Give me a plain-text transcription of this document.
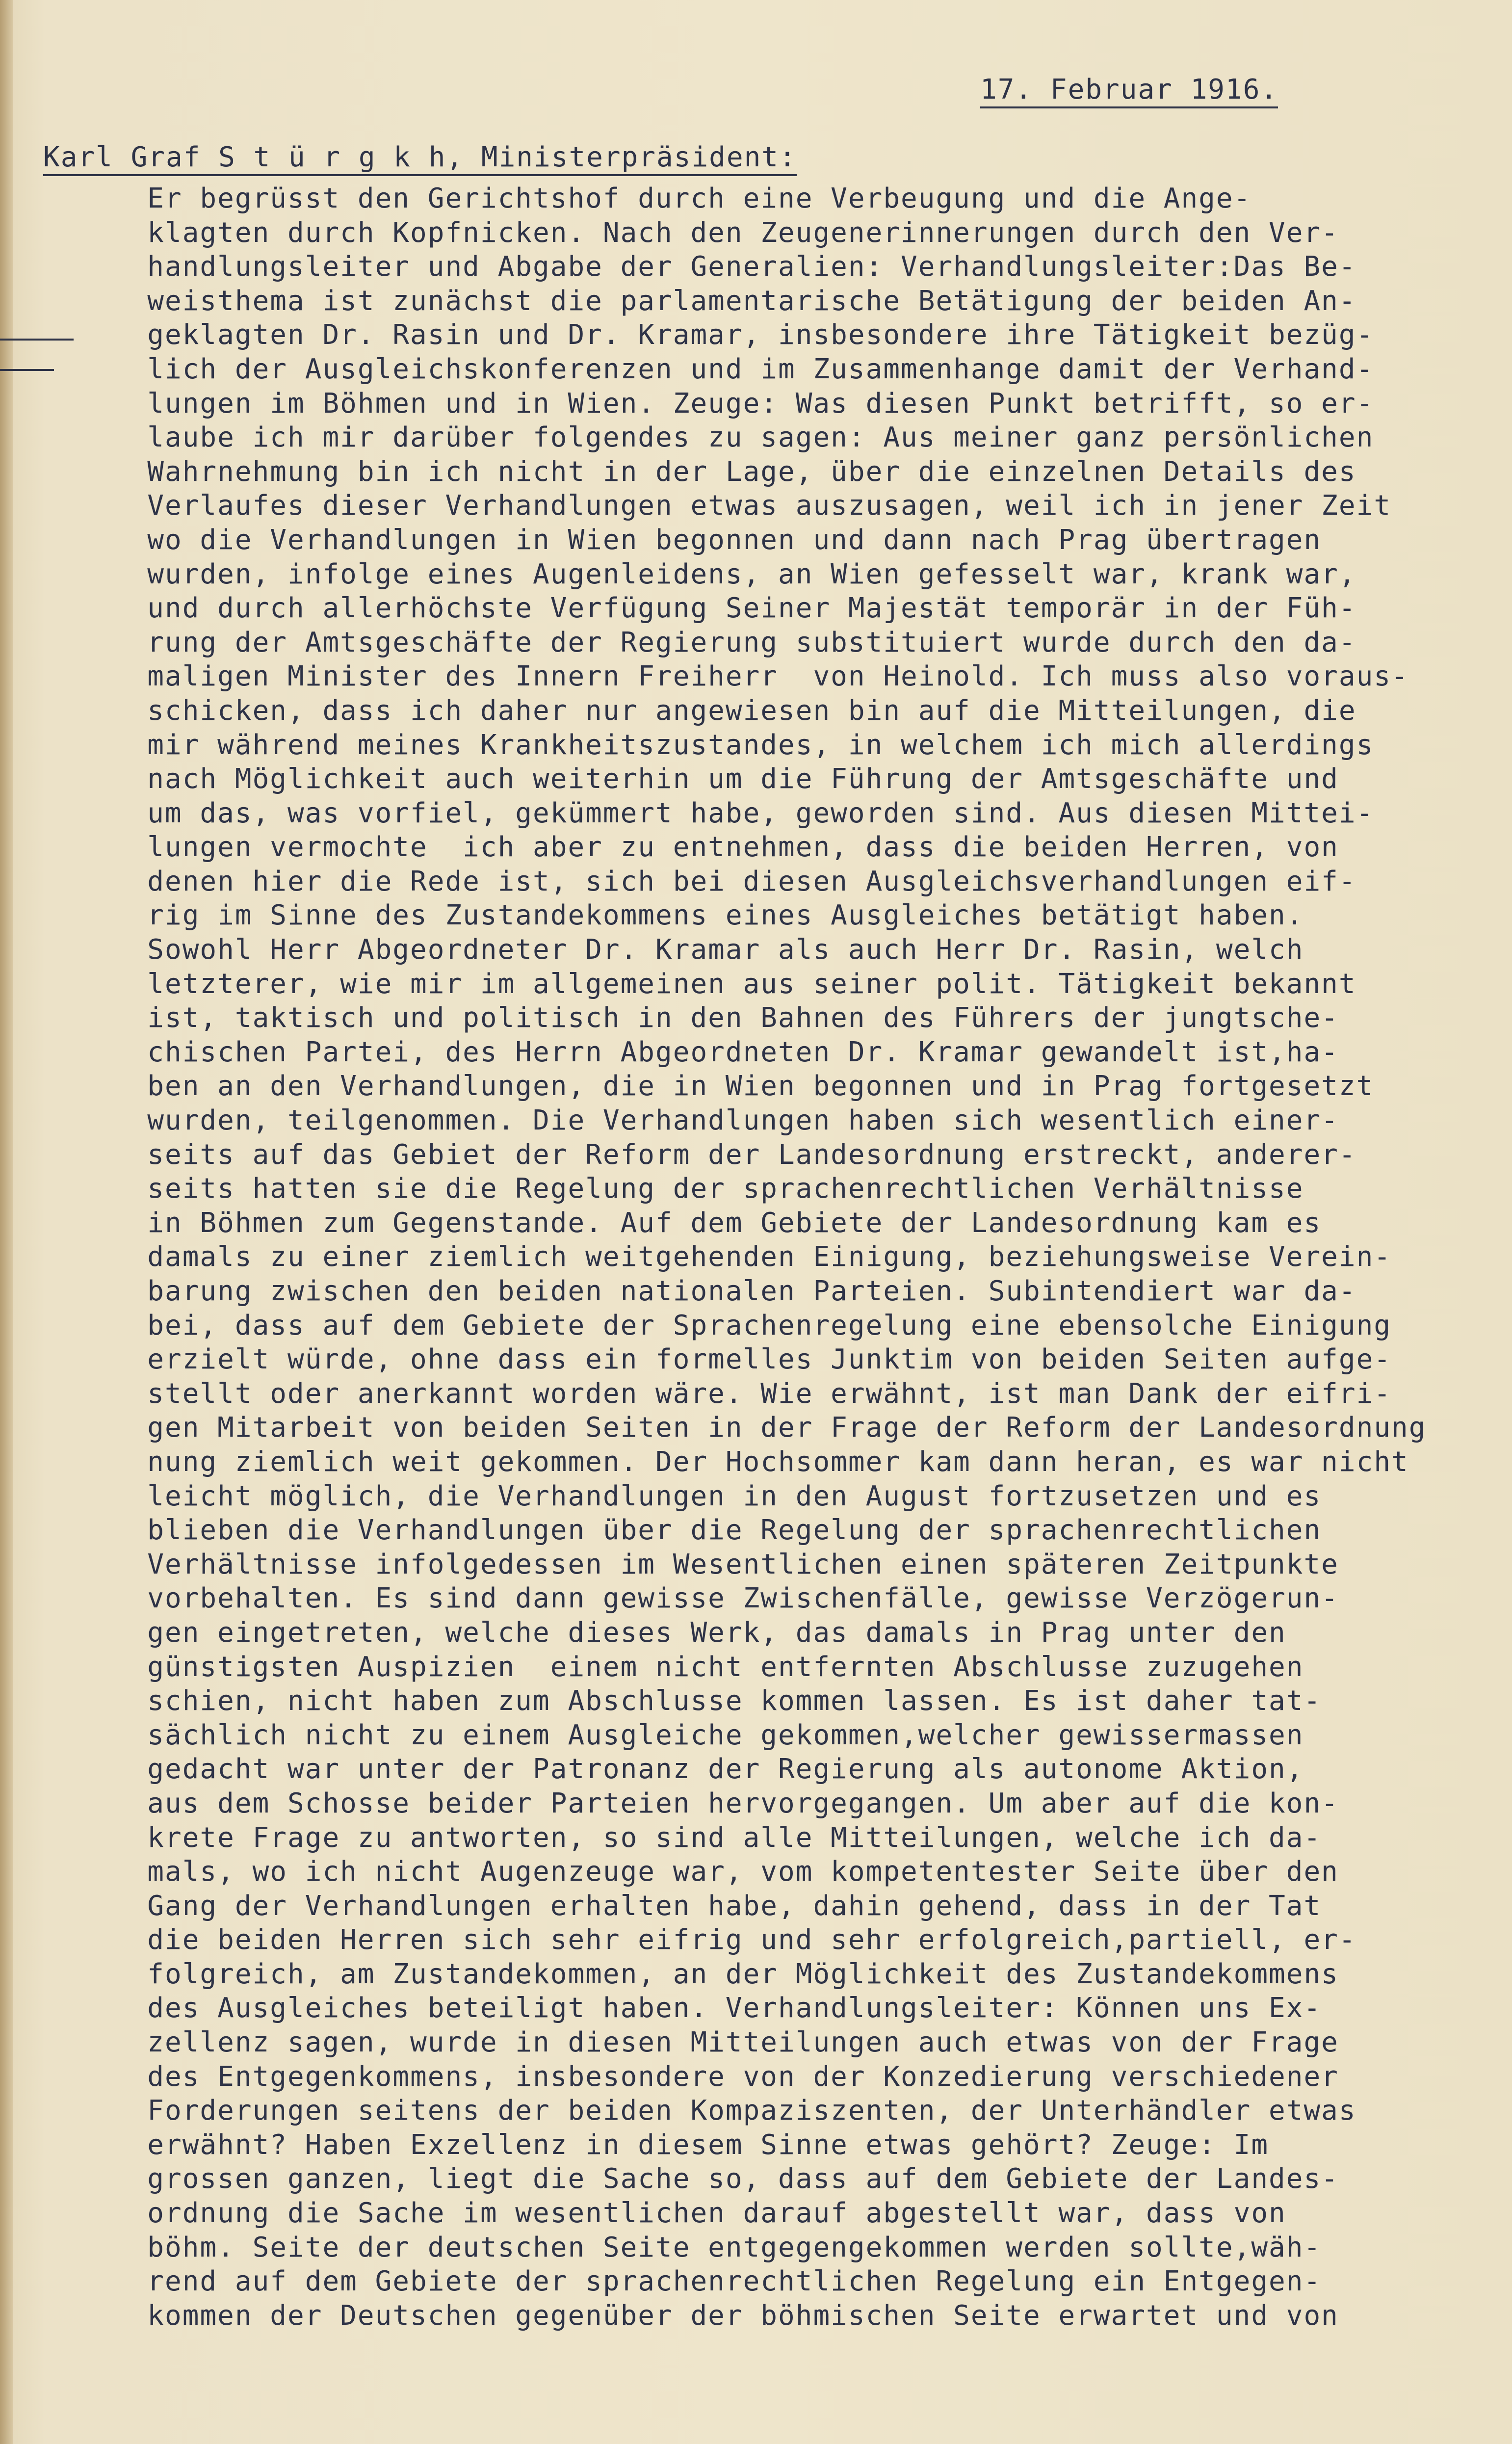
17. Februar 1916.
Karl Graf S t ü r g k h, Ministerpräsident:
Er begrüsst den Gerichtshof durch eine Verbeugung und die Ange-
klagten durch Kopfnicken. Nach den Zeugenerinnerungen durch den Ver-
handlungsleiter und Abgabe der Generalien: Verhandlungsleiter:Das Be-
weisthema ist zunächst die parlamentarische Betätigung der beiden An-
geklagten Dr. Rasin und Dr. Kramar, insbesondere ihre Tätigkeit bezüg-
lich der Ausgleichskonferenzen und im Zusammenhange damit der Verhand-
lungen im Böhmen und in Wien. Zeuge: Was diesen Punkt betrifft, so er-
laube ich mir darüber folgendes zu sagen: Aus meiner ganz persönlichen
Wahrnehmung bin ich nicht in der Lage, über die einzelnen Details des
Verlaufes dieser Verhandlungen etwas auszusagen, weil ich in jener Zeit
wo die Verhandlungen in Wien begonnen und dann nach Prag übertragen
wurden, infolge eines Augenleidens, an Wien gefesselt war, krank war,
und durch allerhöchste Verfügung Seiner Majestät temporär in der Füh-
rung der Amtsgeschäfte der Regierung substituiert wurde durch den da-
maligen Minister des Innern Freiherr  von Heinold. Ich muss also voraus-
schicken, dass ich daher nur angewiesen bin auf die Mitteilungen, die
mir während meines Krankheitszustandes, in welchem ich mich allerdings
nach Möglichkeit auch weiterhin um die Führung der Amtsgeschäfte und
um das, was vorfiel, gekümmert habe, geworden sind. Aus diesen Mittei-
lungen vermochte  ich aber zu entnehmen, dass die beiden Herren, von
denen hier die Rede ist, sich bei diesen Ausgleichsverhandlungen eif-
rig im Sinne des Zustandekommens eines Ausgleiches betätigt haben.
Sowohl Herr Abgeordneter Dr. Kramar als auch Herr Dr. Rasin, welch
letzterer, wie mir im allgemeinen aus seiner polit. Tätigkeit bekannt
ist, taktisch und politisch in den Bahnen des Führers der jungtsche-
chischen Partei, des Herrn Abgeordneten Dr. Kramar gewandelt ist,ha-
ben an den Verhandlungen, die in Wien begonnen und in Prag fortgesetzt
wurden, teilgenommen. Die Verhandlungen haben sich wesentlich einer-
seits auf das Gebiet der Reform der Landesordnung erstreckt, anderer-
seits hatten sie die Regelung der sprachenrechtlichen Verhältnisse
in Böhmen zum Gegenstande. Auf dem Gebiete der Landesordnung kam es
damals zu einer ziemlich weitgehenden Einigung, beziehungsweise Verein-
barung zwischen den beiden nationalen Parteien. Subintendiert war da-
bei, dass auf dem Gebiete der Sprachenregelung eine ebensolche Einigung
erzielt würde, ohne dass ein formelles Junktim von beiden Seiten aufge-
stellt oder anerkannt worden wäre. Wie erwähnt, ist man Dank der eifri-
gen Mitarbeit von beiden Seiten in der Frage der Reform der Landesordnung
nung ziemlich weit gekommen. Der Hochsommer kam dann heran, es war nicht
leicht möglich, die Verhandlungen in den August fortzusetzen und es
blieben die Verhandlungen über die Regelung der sprachenrechtlichen
Verhältnisse infolgedessen im Wesentlichen einen späteren Zeitpunkte
vorbehalten. Es sind dann gewisse Zwischenfälle, gewisse Verzögerun-
gen eingetreten, welche dieses Werk, das damals in Prag unter den
günstigsten Auspizien  einem nicht entfernten Abschlusse zuzugehen
schien, nicht haben zum Abschlusse kommen lassen. Es ist daher tat-
sächlich nicht zu einem Ausgleiche gekommen,welcher gewissermassen
gedacht war unter der Patronanz der Regierung als autonome Aktion,
aus dem Schosse beider Parteien hervorgegangen. Um aber auf die kon-
krete Frage zu antworten, so sind alle Mitteilungen, welche ich da-
mals, wo ich nicht Augenzeuge war, vom kompetentester Seite über den
Gang der Verhandlungen erhalten habe, dahin gehend, dass in der Tat
die beiden Herren sich sehr eifrig und sehr erfolgreich,partiell, er-
folgreich, am Zustandekommen, an der Möglichkeit des Zustandekommens
des Ausgleiches beteiligt haben. Verhandlungsleiter: Können uns Ex-
zellenz sagen, wurde in diesen Mitteilungen auch etwas von der Frage
des Entgegenkommens, insbesondere von der Konzedierung verschiedener
Forderungen seitens der beiden Kompaziszenten, der Unterhändler etwas
erwähnt? Haben Exzellenz in diesem Sinne etwas gehört? Zeuge: Im
grossen ganzen, liegt die Sache so, dass auf dem Gebiete der Landes-
ordnung die Sache im wesentlichen darauf abgestellt war, dass von
böhm. Seite der deutschen Seite entgegengekommen werden sollte,wäh-
rend auf dem Gebiete der sprachenrechtlichen Regelung ein Entgegen-
kommen der Deutschen gegenüber der böhmischen Seite erwartet und von
